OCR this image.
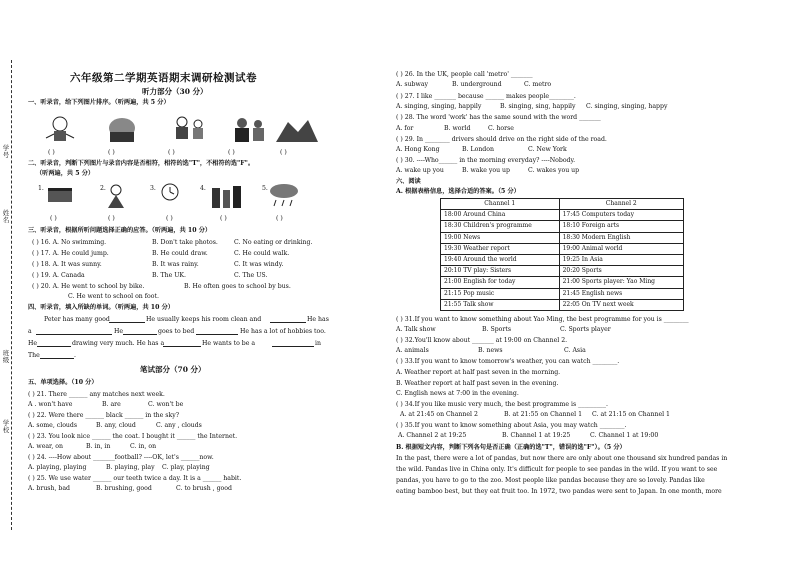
学号
姓名
班级
学校
六年级第二学期英语期末调研检测试卷
听力部分（30 分）
一、听录音，给下列图片排序。（听两遍，共 5 分）
( )	( )	( )	( )	( )
二、听录音，判断下列图片与录音内容是否相符，相符的选"T"，不相符的选"F"。
（听两遍，共 5 分）
1.	2.	3.	4.	5.
( )	( )	( )	( )	( )
三、听录音，根据所听问题选择正确的应答。（听两遍，共 10 分）
( ) 16. A. No swimming.	B. Don't take photos.	C. No eating or drinking.
( ) 17. A. He could jump.	B. He could draw.	C. He could walk.
( ) 18. A. It was sunny.	B. It was rainy.	C. It was windy.
( ) 19. A. Canada	B. The UK.	C. The US.
( ) 20. A. He went to school by bike.	B. He often goes to school by bus.
C. He went to school on foot.
四、听录音，填入所缺的单词。（听两遍，共 10 分）
Peter has many good	He usually keeps his room clean and	He has
a	He	goes to bed	He has a lot of hobbies too.
He	drawing very much. He has a	He wants to be a	in
The	.
笔试部分（70 分）
五、单项选择。（10 分）
( ) 21. There ______ any matches next week.
A . won't have	B. are	C. won't be
( ) 22. Were there ______ black ______ in the sky?
A. some, clouds	B. any, cloud	C. any , clouds
( ) 23. You look nice ______ the coat. I bought it ______ the Internet.
A. wear, on	B. in, in	C. in, on
( ) 24. ----How about _______football? ----OK, let's ______now.
A. playing, playing	B. playing, play C. play, playing
( ) 25. We use water ______ our teeth twice a day. It is a ______ habit.
A. brush, bad	B. brushing, good	C. to brush , good
( ) 26. In the UK, people call 'metro' _______
A. subway	B. underground	C. metro
( ) 27. I like _______ because ______ makes people________.
A. singing, singing, happily	B. singing, sing, happily C. singing, singing, happy
( ) 28. The word 'work' has the same sound with the word _______
A. for	B. world	C. horse
( ) 29. In ________ drivers should drive on the right side of the road.
A. Hong Kong	B. London	C. New York
( ) 30. ----Who______ in the morning everyday? ----Nobody.
A. wake up you	B. wake you up	C. wakes you up
六、阅读
A. 根据表格信息，选择合适的答案。（5 分）
Channel 1	Channel 2
18:00 Around China	17:45 Computers today
18:30 Children's programme	18:10 Foreign arts
19:00 News	18:30 Modern English
19:30 Weather report	19:00 Animal world
19:40 Around the world	19:25 In Asia
20:10 TV play: Sisters	20:20 Sports
21:00 English for today	21:00 Sports player: Yao Ming
21:15 Pop music	21:45 English news
21:55 Talk show	22:05 On TV next week
( ) 31.If you want to know something about Yao Ming, the best programme for you is ________
A. Talk show	B. Sports	C. Sports player
( ) 32.You'll know about _______ at 19:00 on Channel 2.
A. animals	B. news	C. Asia
( ) 33.If you want to know tomorrow's weather, you can watch ________.
A. Weather report at half past seven in the morning.
B. Weather report at half past seven in the evening.
C. English news at 7:00 in the evening.
( ) 34.If you like music very much, the best programme is _________.
A. at 21:45 on Channel 2	B. at 21:55 on Channel 1 C. at 21:15 on Channel 1
( ) 35.If you want to know something about Asia, you may watch ________.
A. Channel 2 at 19:25	B. Channel 1 at 19:25	C. Channel 1 at 19:00
B. 根据短文内容，判断下列各句是否正确（正确的选"T"，错误的选"F"）。（5 分）
In the past, there were a lot of pandas, but now there are only about one thousand six hundred pandas in
the wild. Pandas live in China only. It's difficult for people to see pandas in the wild. If you want to see
pandas, you have to go to the zoo. Most people like pandas because they are so lovely. Pandas like
eating bamboo best, but they eat fruit too. In 1972, two pandas were sent to Japan. In one month, more
